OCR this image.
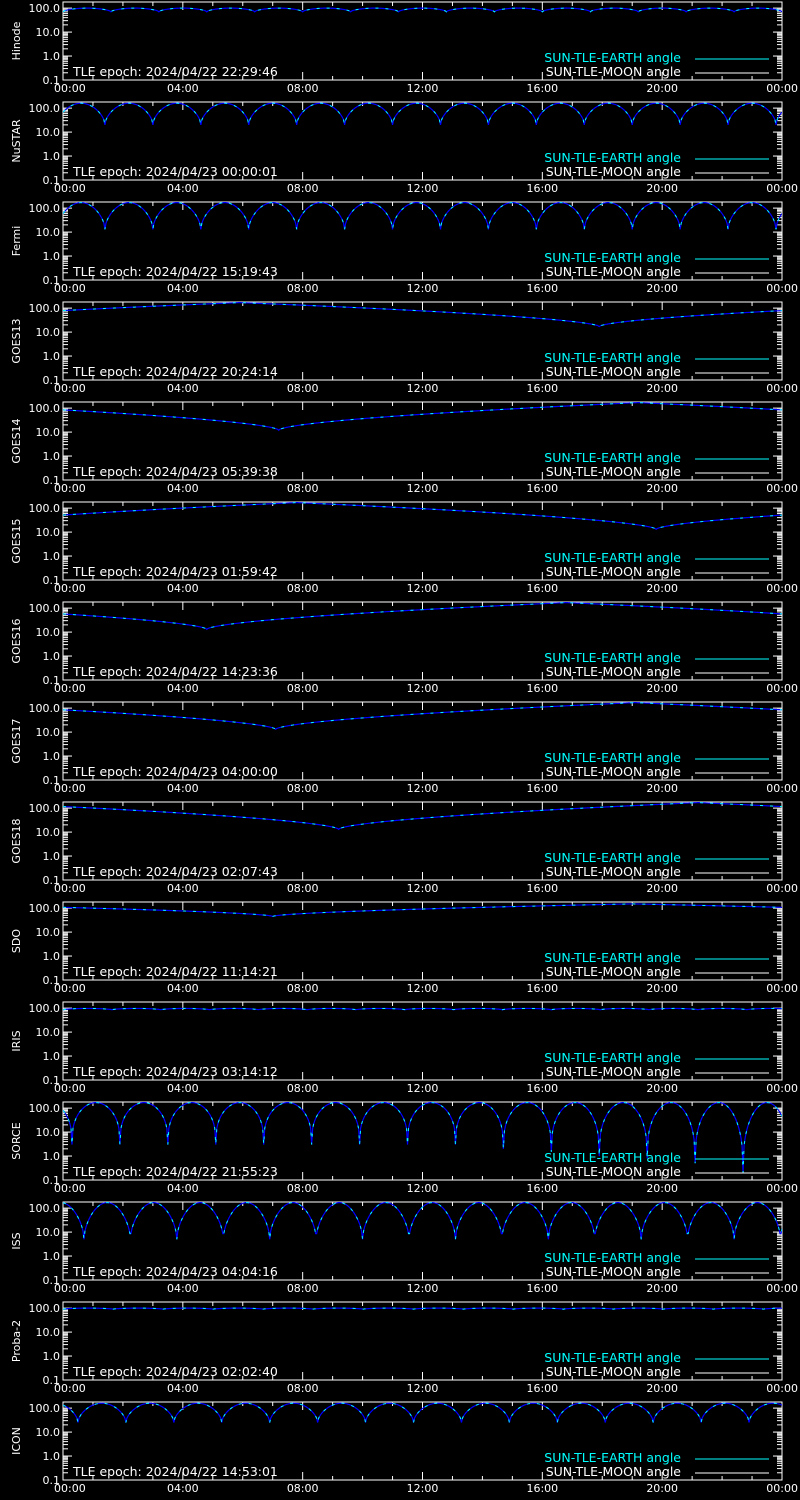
100.0
10.0
1.0
0.1
00:00	04:00	08:00	12:00	16:00	20:00	00:00
Hinode
TLE epoch: 2024/04/22 22:29:46
SUN-TLE-EARTH angle
SUN-TLE-MOON angle
100.0
10.0
1.0
0.1
00:00	04:00	08:00	12:00	16:00	20:00	00:00
NuSTAR
TLE epoch: 2024/04/23 00:00:01
SUN-TLE-EARTH angle
SUN-TLE-MOON angle
100.0
10.0
1.0
0.1
00:00	04:00	08:00	12:00	16:00	20:00	00:00
Fermi
TLE epoch: 2024/04/22 15:19:43
SUN-TLE-EARTH angle
SUN-TLE-MOON angle
100.0
10.0
1.0
0.1
00:00	04:00	08:00	12:00	16:00	20:00	00:00
GOES13
TLE epoch: 2024/04/22 20:24:14
SUN-TLE-EARTH angle
SUN-TLE-MOON angle
100.0
10.0
1.0
0.1
00:00	04:00	08:00	12:00	16:00	20:00	00:00
GOES14
TLE epoch: 2024/04/23 05:39:38
SUN-TLE-EARTH angle
SUN-TLE-MOON angle
100.0
10.0
1.0
0.1
00:00	04:00	08:00	12:00	16:00	20:00	00:00
GOES15
TLE epoch: 2024/04/23 01:59:42
SUN-TLE-EARTH angle
SUN-TLE-MOON angle
100.0
10.0
1.0
0.1
00:00	04:00	08:00	12:00	16:00	20:00	00:00
GOES16
TLE epoch: 2024/04/22 14:23:36
SUN-TLE-EARTH angle
SUN-TLE-MOON angle
100.0
10.0
1.0
0.1
00:00	04:00	08:00	12:00	16:00	20:00	00:00
GOES17
TLE epoch: 2024/04/23 04:00:00
SUN-TLE-EARTH angle
SUN-TLE-MOON angle
100.0
10.0
1.0
0.1
00:00	04:00	08:00	12:00	16:00	20:00	00:00
GOES18
TLE epoch: 2024/04/23 02:07:43
SUN-TLE-EARTH angle
SUN-TLE-MOON angle
100.0
10.0
1.0
0.1
00:00	04:00	08:00	12:00	16:00	20:00	00:00
SDO
TLE epoch: 2024/04/22 11:14:21
SUN-TLE-EARTH angle
SUN-TLE-MOON angle
100.0
10.0
1.0
0.1
00:00	04:00	08:00	12:00	16:00	20:00	00:00
IRIS
TLE epoch: 2024/04/23 03:14:12
SUN-TLE-EARTH angle
SUN-TLE-MOON angle
100.0
10.0
1.0
0.1
00:00	04:00	08:00	12:00	16:00	20:00	00:00
SORCE
TLE epoch: 2024/04/22 21:55:23
SUN-TLE-EARTH angle
SUN-TLE-MOON angle
100.0
10.0
1.0
0.1
00:00	04:00	08:00	12:00	16:00	20:00	00:00
ISS
TLE epoch: 2024/04/23 04:04:16
SUN-TLE-EARTH angle
SUN-TLE-MOON angle
100.0
10.0
1.0
0.1
00:00	04:00	08:00	12:00	16:00	20:00	00:00
Proba-2
TLE epoch: 2024/04/23 02:02:40
SUN-TLE-EARTH angle
SUN-TLE-MOON angle
100.0
10.0
1.0
0.1
00:00	04:00	08:00	12:00	16:00	20:00	00:00
ICON
TLE epoch: 2024/04/22 14:53:01
SUN-TLE-EARTH angle
SUN-TLE-MOON angle
